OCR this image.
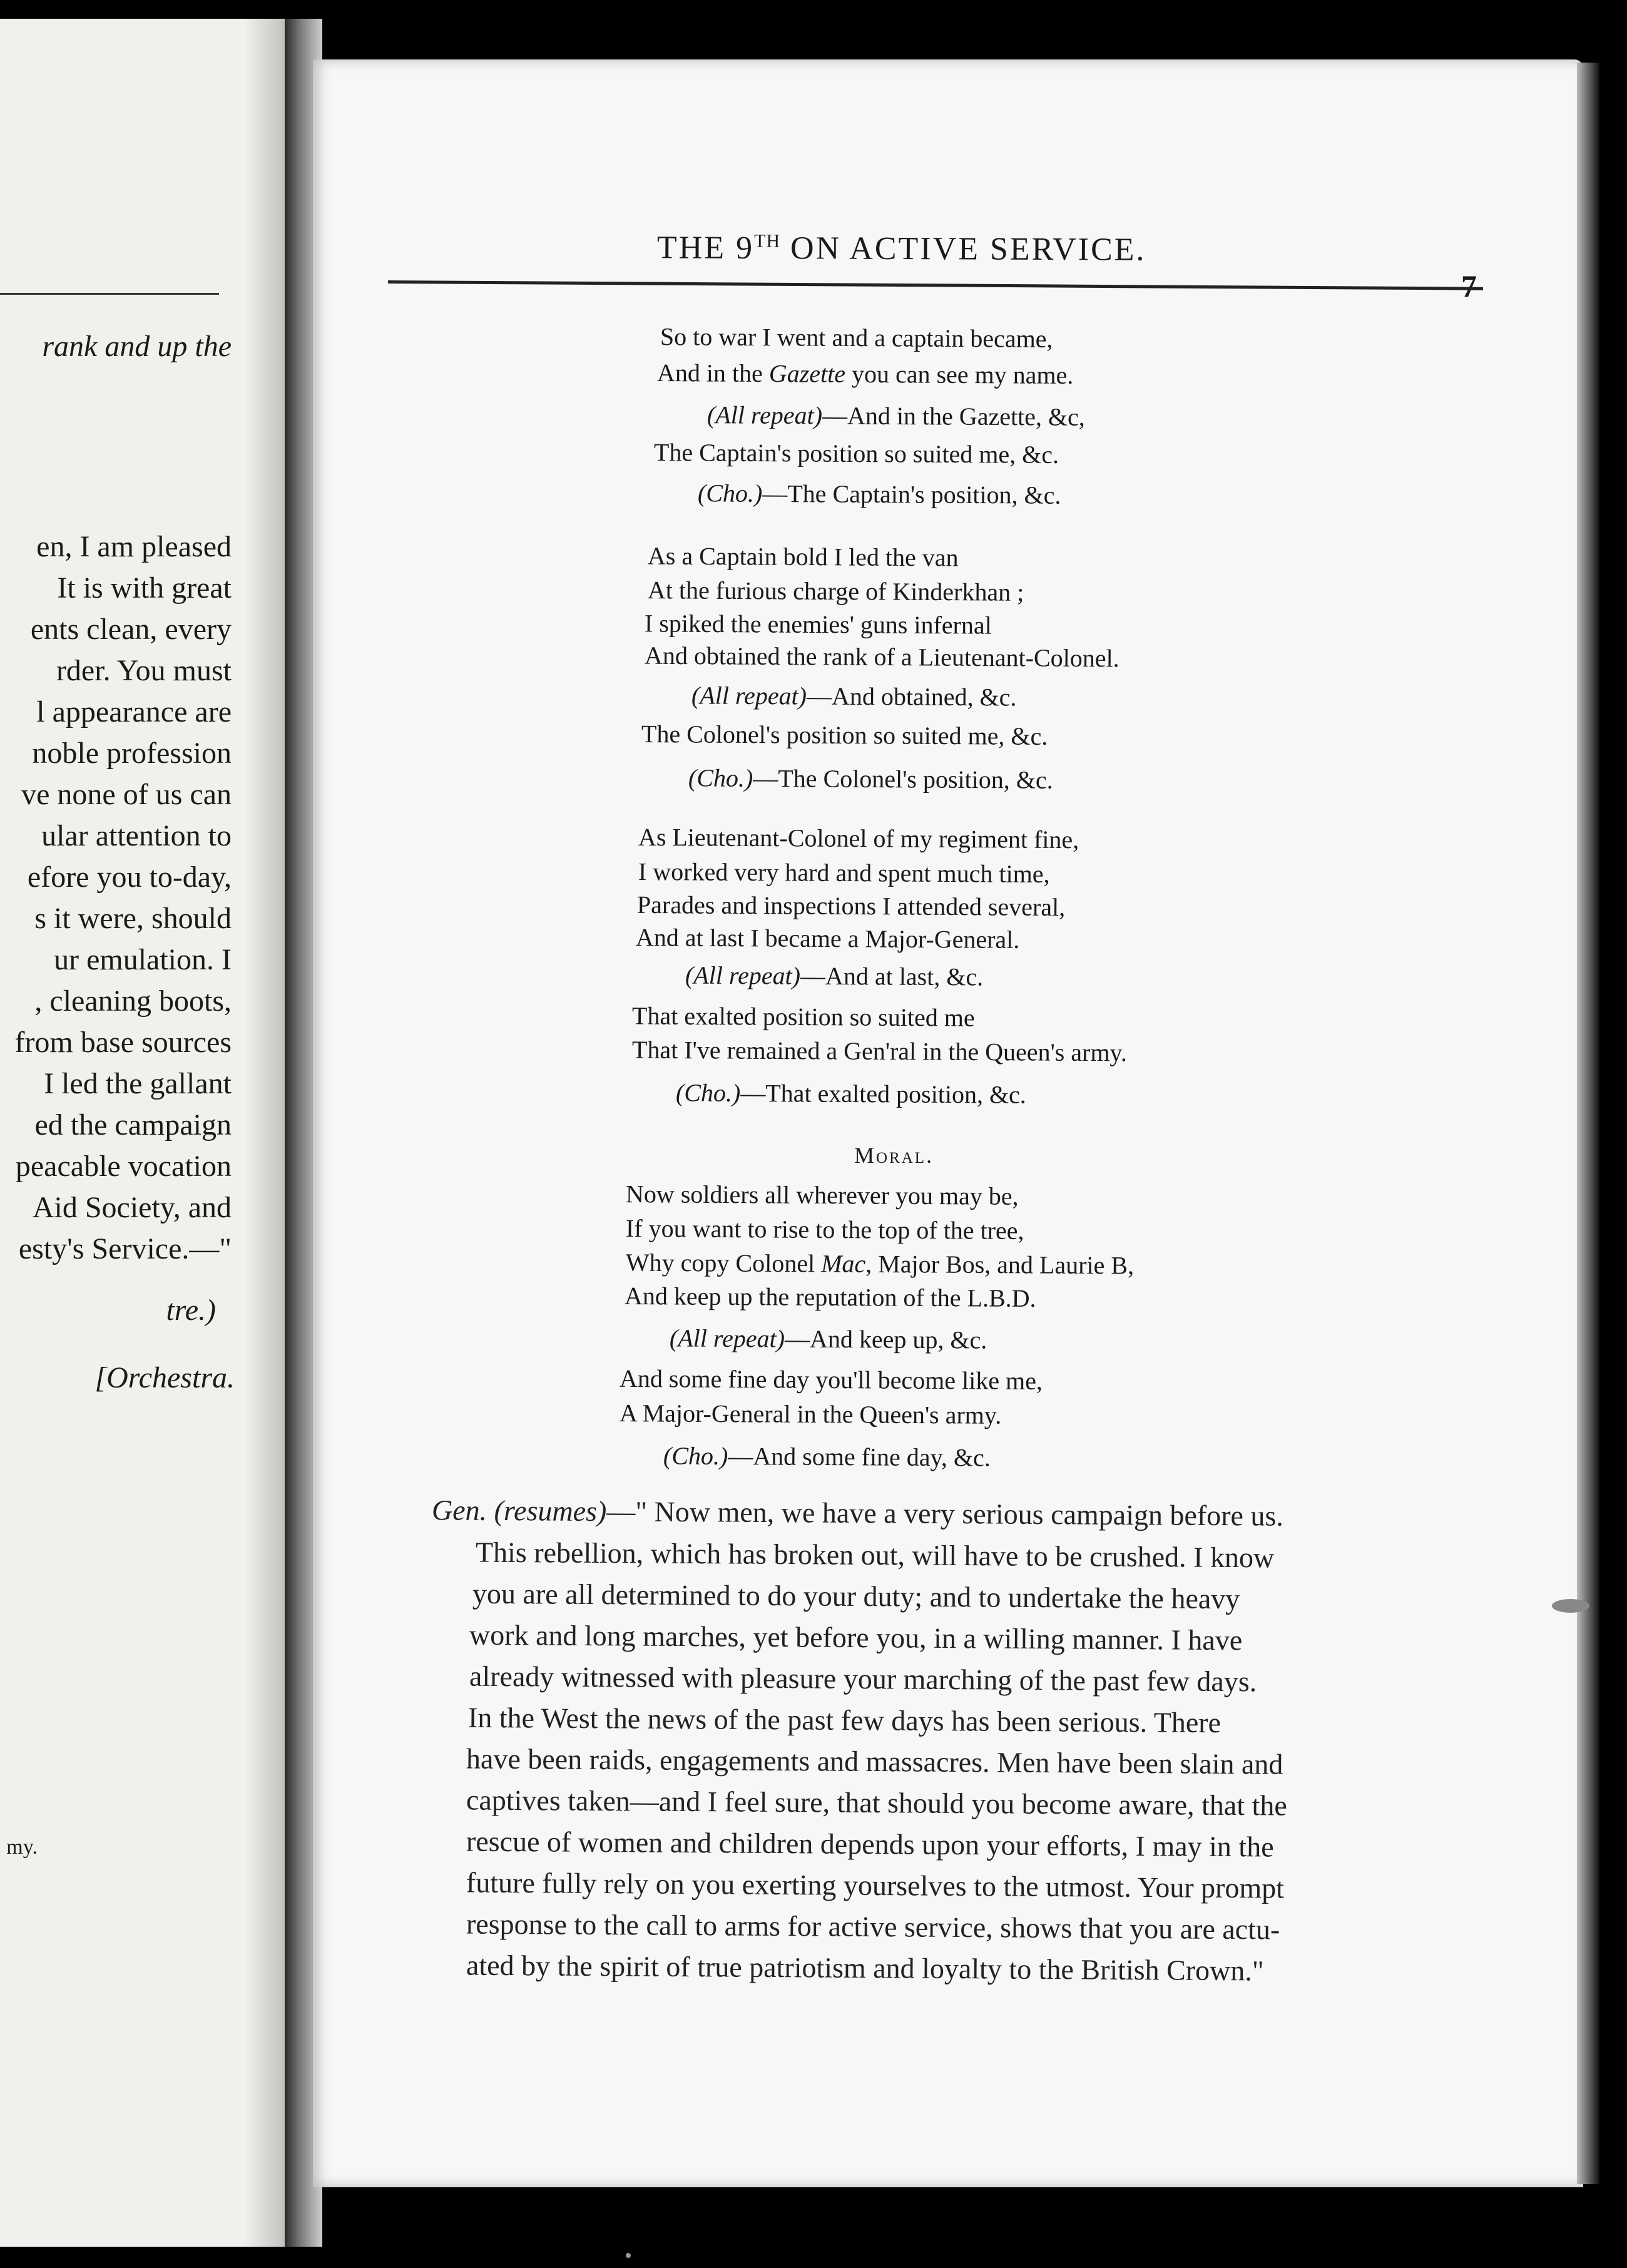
rank and up the
en, I am pleased
It is with great
ents clean, every
rder. You must
l appearance are
noble profession
ve none of us can
ular attention to
efore you to-day,
s it were, should
ur emulation. I
, cleaning boots,
from base sources
I led the gallant
ed the campaign
peacable vocation
Aid Society, and
esty's Service.—"
tre.)
[Orchestra.
my.
THE 9TH ON ACTIVE SERVICE.
7
So to war I went and a captain became,
And in the Gazette you can see my name.
(All repeat)—And in the Gazette, &c,
The Captain's position so suited me, &c.
(Cho.)—The Captain's position, &c.
As a Captain bold I led the van
At the furious charge of Kinderkhan ;
I spiked the enemies' guns infernal
And obtained the rank of a Lieutenant-Colonel.
(All repeat)—And obtained, &c.
The Colonel's position so suited me, &c.
(Cho.)—The Colonel's position, &c.
As Lieutenant-Colonel of my regiment fine,
I worked very hard and spent much time,
Parades and inspections I attended several,
And at last I became a Major-General.
(All repeat)—And at last, &c.
That exalted position so suited me
That I've remained a Gen'ral in the Queen's army.
(Cho.)—That exalted position, &c.
Now soldiers all wherever you may be,
If you want to rise to the top of the tree,
Why copy Colonel Mac, Major Bos, and Laurie B,
And keep up the reputation of the L.B.D.
(All repeat)—And keep up, &c.
And some fine day you'll become like me,
A Major-General in the Queen's army.
(Cho.)—And some fine day, &c.
Moral.
Gen. (resumes)—" Now men, we have a very serious campaign before us.
This rebellion, which has broken out, will have to be crushed. I know
you are all determined to do your duty; and to undertake the heavy
work and long marches, yet before you, in a willing manner. I have
already witnessed with pleasure your marching of the past few days.
In the West the news of the past few days has been serious. There
have been raids, engagements and massacres. Men have been slain and
captives taken—and I feel sure, that should you become aware, that the
rescue of women and children depends upon your efforts, I may in the
future fully rely on you exerting yourselves to the utmost. Your prompt
response to the call to arms for active service, shows that you are actu-
ated by the spirit of true patriotism and loyalty to the British Crown."
